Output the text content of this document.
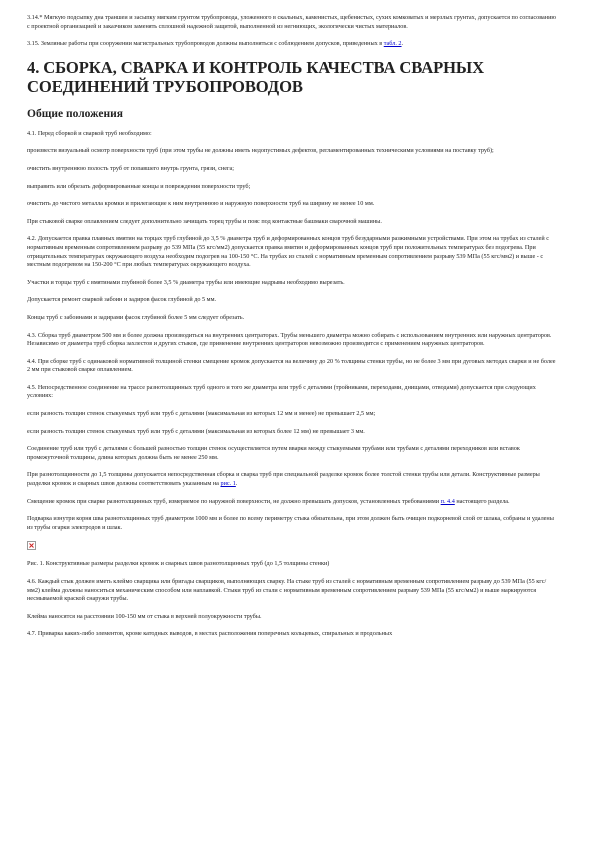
3.14.* Мягкую подсыпку дна траншеи и засыпку мягким грунтом трубопровода, уложенного в скальных, каменистых, щебенистых, сухих комковатых и мерзлых грунтах, допускается по согласованию с проектной организацией и заказчиком заменять сплошной надежной защитой, выполненной из негниющих, экологически чистых материалов.

3.15. Земляные работы при сооружении магистральных трубопроводов должны выполняться с соблюдением допусков, приведенных в табл. 2.

4. СБОРКА, СВАРКА И КОНТРОЛЬ КАЧЕСТВА СВАРНЫХ СОЕДИНЕНИЙ ТРУБОПРОВОДОВ
Общие положения

4.1. Перед сборкой и сваркой труб необходимо:

произвести визуальный осмотр поверхности труб (при этом трубы не должны иметь недопустимых дефектов, регламентированных техническими условиями на поставку труб);

очистить внутреннюю полость труб от попавшего внутрь грунта, грязи, снега;

выправить или обрезать деформированные концы и повреждения поверхности труб;

очистить до чистого металла кромки и прилегающие к ним внутреннюю и наружную поверхности труб на ширину не менее 10 мм.

При стыковой сварке оплавлением следует дополнительно зачищать торец трубы и пояс под контактные башмаки сварочной машины.

4.2. Допускается правка плавных вмятин на торцах труб глубиной до 3,5 % диаметра труб и деформированных концов труб безударными разжимными устройствами. При этом на трубах из сталей с нормативным временным сопротивлением разрыву до 539 МПа (55 кгс/мм2) допускается правка вмятин и деформированных концов труб при положительных температурах без подогрева. При отрицательных температурах окружающего воздуха необходим подогрев на 100-150 °С. На трубах из сталей с нормативным временным сопротивлением разрыву 539 МПа (55 кгс/мм2) и выше - с местным подогревом на 150-200 °С при любых температурах окружающего воздуха.

Участки и торцы труб с вмятинами глубиной более 3,5 % диаметра трубы или имеющие надрывы необходимо вырезать.

Допускается ремонт сваркой забоин и задиров фасок глубиной до 5 мм.

Концы труб с забоинами и задирами фасок глубиной более 5 мм следует обрезать.

4.3. Сборка труб диаметром 500 мм и более должна производиться на внутренних центраторах. Трубы меньшего диаметра можно собирать с использованием внутренних или наружных центраторов. Независимо от диаметра труб сборка захлестов и других стыков, где применение внутренних центраторов невозможно производится с применением наружных центраторов.

4.4. При сборке труб с одинаковой нормативной толщиной стенки смещение кромок допускается на величину до 20 % толщины стенки трубы, но не более 3 мм при дуговых методах сварки и не более 2 мм при стыковой сварке оплавлением.

4.5. Непосредственное соединение на трассе разнотолщинных труб одного и того же диаметра или труб с деталями (тройниками, переходами, днищами, отводами) допускается при следующих условиях:

если разность толщин стенок стыкуемых труб или труб с деталями (максимальная из которых 12 мм и менее) не превышает 2,5 мм;

если разность толщин стенок стыкуемых труб или труб с деталями (максимальная из которых более 12 мм) не превышает 3 мм.

Соединение труб или труб с деталями с большей разностью толщин стенок осуществляется путем вварки между стыкуемыми трубами или трубами с деталями переходников или вставок промежуточной толщины, длина которых должна быть не менее 250 мм.

При разнотолщинности до 1,5 толщины допускается непосредственная сборка и сварка труб при специальной разделке кромок более толстой стенки трубы или детали. Конструктивные размеры разделки кромок и сварных швов должны соответствовать указанным на рис. 1.

Смещение кромок при сварке разнотолщинных труб, измеряемое по наружной поверхности, не должно превышать допусков, установленных требованиями п. 4.4 настоящего раздела.

Подварка изнутри корня шва разнотолщинных труб диаметром 1000 мм и более по всему периметру стыка обязательна, при этом должен быть очищен подкорневой слой от шлака, собраны и удалены из трубы огарки электродов и шлак.

Рис. 1. Конструктивные размеры разделки кромок и сварных швов разнотолщинных труб (до 1,5 толщины стенки)

4.6. Каждый стык должен иметь клеймо сварщика или бригады сварщиков, выполняющих сварку. На стыке труб из сталей с нормативным временным сопротивлением разрыву до 539 МПа (55 кгс/мм2) клейма должны наноситься механическим способом или наплавкой. Стыки труб из стали с нормативным временным сопротивлением разрыву 539 МПа (55 кгс/мм2) и выше маркируются несмываемой краской снаружи трубы.

Клейма наносятся на расстоянии 100-150 мм от стыка в верхней полуокружности трубы.

4.7. Приварка каких-либо элементов, кроме катодных выводов, в местах расположения поперечных кольцевых, спиральных и продольных
